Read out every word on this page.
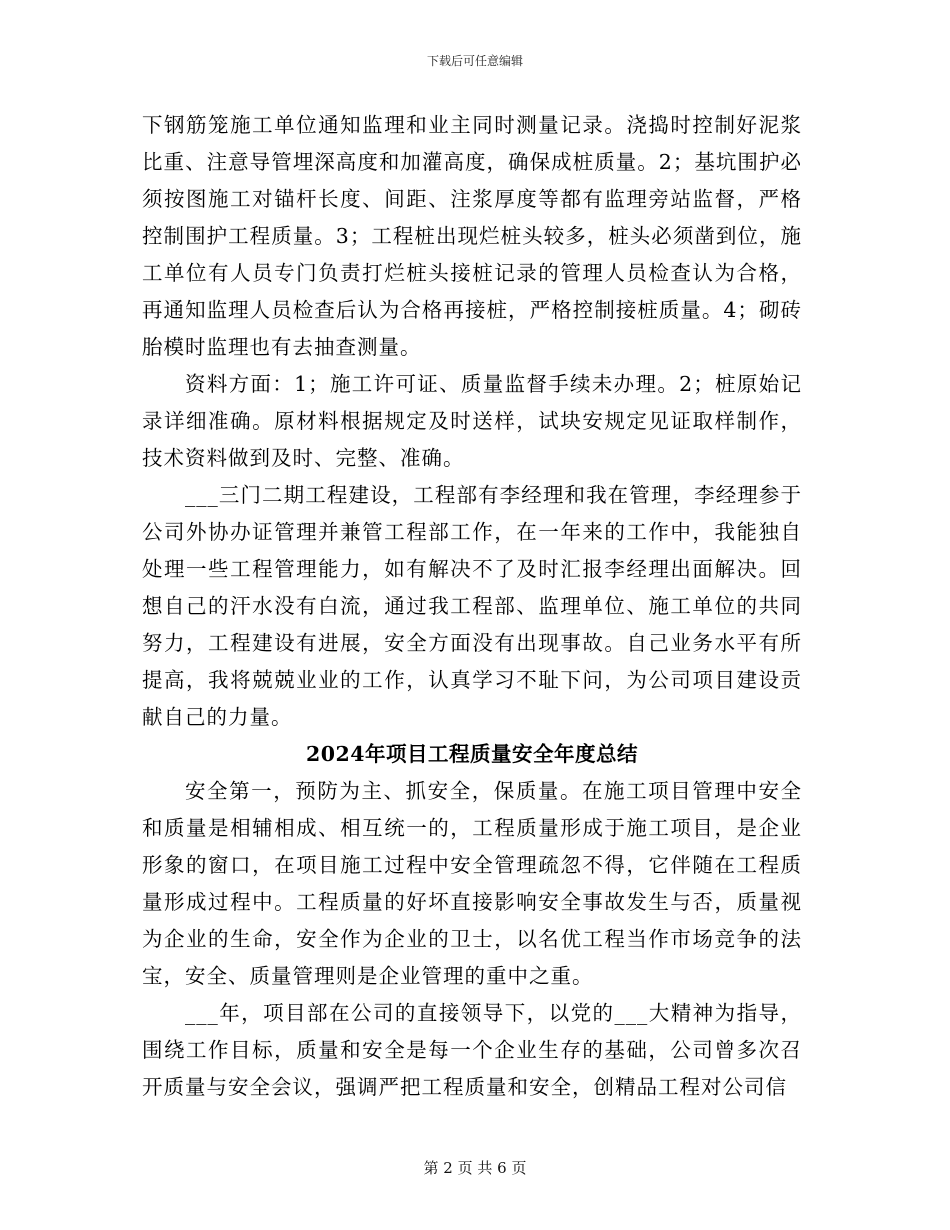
下载后可任意编辑

下钢筋笼施工单位通知监理和业主同时测量记录。浇捣时控制好泥浆比重、注意导管埋深高度和加灌高度，确保成桩质量。2；基坑围护必须按图施工对锚杆长度、间距、注浆厚度等都有监理旁站监督，严格控制围护工程质量。3；工程桩出现烂桩头较多，桩头必须凿到位，施工单位有人员专门负责打烂桩头接桩记录的管理人员检查认为合格，再通知监理人员检查后认为合格再接桩，严格控制接桩质量。4；砌砖胎模时监理也有去抽查测量。

资料方面：1；施工许可证、质量监督手续未办理。2；桩原始记录详细准确。原材料根据规定及时送样，试块安规定见证取样制作，技术资料做到及时、完整、准确。

___三门二期工程建设，工程部有李经理和我在管理，李经理参于公司外协办证管理并兼管工程部工作，在一年来的工作中，我能独自处理一些工程管理能力，如有解决不了及时汇报李经理出面解决。回想自己的汗水没有白流，通过我工程部、监理单位、施工单位的共同努力，工程建设有进展，安全方面没有出现事故。自己业务水平有所提高，我将兢兢业业的工作，认真学习不耻下问，为公司项目建设贡献自己的力量。

2024年项目工程质量安全年度总结

安全第一，预防为主、抓安全，保质量。在施工项目管理中安全和质量是相辅相成、相互统一的，工程质量形成于施工项目，是企业形象的窗口，在项目施工过程中安全管理疏忽不得，它伴随在工程质量形成过程中。工程质量的好坏直接影响安全事故发生与否，质量视为企业的生命，安全作为企业的卫士，以名优工程当作市场竞争的法宝，安全、质量管理则是企业管理的重中之重。

___年，项目部在公司的直接领导下，以党的___大精神为指导，围绕工作目标，质量和安全是每一个企业生存的基础，公司曾多次召开质量与安全会议，强调严把工程质量和安全，创精品工程对公司信

第 2 页 共 6 页
